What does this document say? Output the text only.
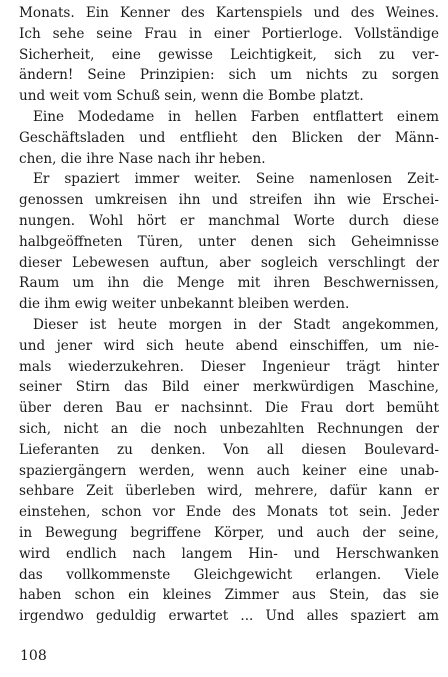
Monats. Ein Kenner des Kartenspiels und des Weines.
Ich sehe seine Frau in einer Portierloge. Vollständige
Sicherheit, eine gewisse Leichtigkeit, sich zu ver-
ändern! Seine Prinzipien: sich um nichts zu sorgen
und weit vom Schuß sein, wenn die Bombe platzt.
Eine Modedame in hellen Farben entflattert einem
Geschäftsladen und entflieht den Blicken der Männ-
chen, die ihre Nase nach ihr heben.
Er spaziert immer weiter. Seine namenlosen Zeit-
genossen umkreisen ihn und streifen ihn wie Erschei-
nungen. Wohl hört er manchmal Worte durch diese
halbgeöffneten Türen, unter denen sich Geheimnisse
dieser Lebewesen auftun, aber sogleich verschlingt der
Raum um ihn die Menge mit ihren Beschwernissen,
die ihm ewig weiter unbekannt bleiben werden.
Dieser ist heute morgen in der Stadt angekommen,
und jener wird sich heute abend einschiffen, um nie-
mals wiederzukehren. Dieser Ingenieur trägt hinter
seiner Stirn das Bild einer merkwürdigen Maschine,
über deren Bau er nachsinnt. Die Frau dort bemüht
sich, nicht an die noch unbezahlten Rechnungen der
Lieferanten zu denken. Von all diesen Boulevard-
spaziergängern werden, wenn auch keiner eine unab-
sehbare Zeit überleben wird, mehrere, dafür kann er
einstehen, schon vor Ende des Monats tot sein. Jeder
in Bewegung begriffene Körper, und auch der seine,
wird endlich nach langem Hin- und Herschwanken
das vollkommenste Gleichgewicht erlangen. Viele
haben schon ein kleines Zimmer aus Stein, das sie
irgendwo geduldig erwartet ... Und alles spaziert am
108
